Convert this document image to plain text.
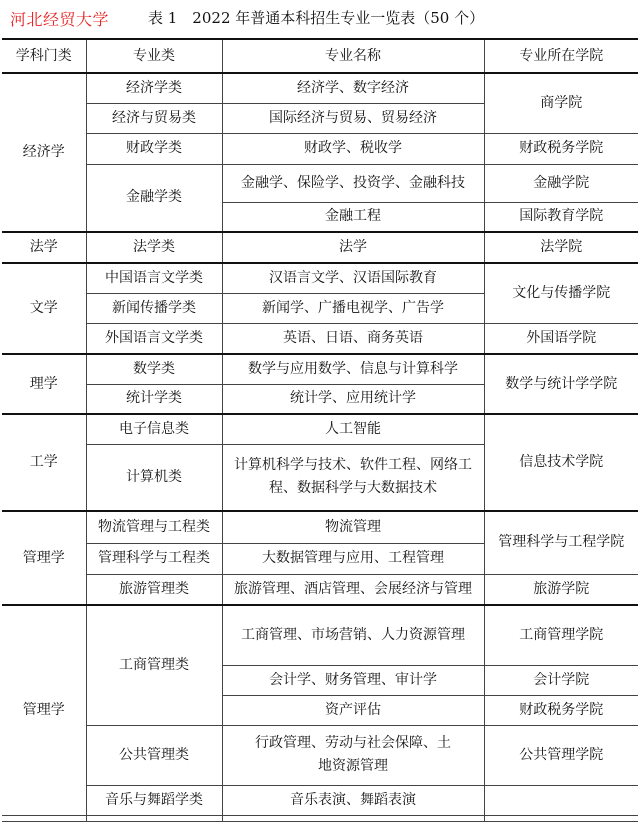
河北经贸大学	表 1　2022 年普通本科招生专业一览表（50 个）
学科门类	专业类	专业名称	专业所在学院
经济学	经济学类	经济学、数字经济	商学院
	经济与贸易类	国际经济与贸易、贸易经济	
	财政学类	财政学、税收学	财政税务学院
	金融学类	金融学、保险学、投资学、金融科技	金融学院
		金融工程	国际教育学院
法学	法学类	法学	法学院
文学	中国语言文学类	汉语言文学、汉语国际教育	文化与传播学院
	新闻传播学类	新闻学、广播电视学、广告学	
	外国语言文学类	英语、日语、商务英语	外国语学院
理学	数学类	数学与应用数学、信息与计算科学	数学与统计学学院
	统计学类	统计学、应用统计学	
工学	电子信息类	人工智能	信息技术学院
	计算机类	计算机科学与技术、软件工程、网络工程、数据科学与大数据技术	
管理学	物流管理与工程类	物流管理	管理科学与工程学院
	管理科学与工程类	大数据管理与应用、工程管理	
	旅游管理类	旅游管理、酒店管理、会展经济与管理	旅游学院
管理学	工商管理类	工商管理、市场营销、人力资源管理	工商管理学院
		会计学、财务管理、审计学	会计学院
		资产评估	财政税务学院
	公共管理类	行政管理、劳动与社会保障、土地资源管理	公共管理学院
	音乐与舞蹈学类	音乐表演、舞蹈表演	
